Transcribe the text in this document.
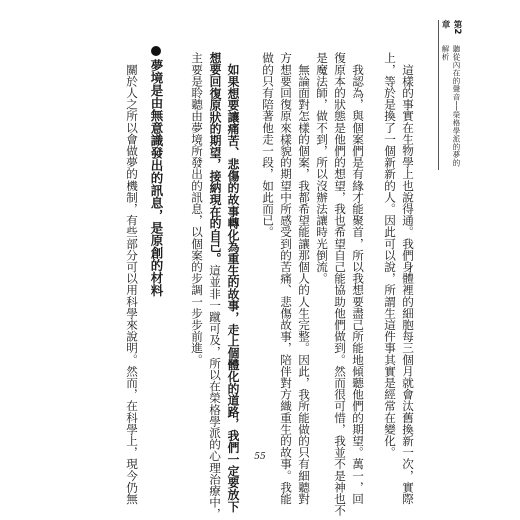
第2章
聽從內在的聲音──榮格學派的夢的解析
　這樣的事實在生物學上也說得通。我們身體裡的細胞每三個月就會汰舊換新一次，實際
上，等於是換了一個新新的人。因此可以說，所謂生這件事其實是經常在變化。
　我認為，與個案們是有緣才能聚首，所以我想要盡己所能地傾聽他們的期望。萬一，回
復原本的狀態是他們的想望，我也希望自己能協助他們做到。然而很可惜，我並不是神也不
是魔法師，做不到，所以沒辦法讓時光倒流。
　無論面對怎樣的個案，我都希望能讓那個人的人生完整。因此，我所能做的只有細聽對
方想要回復原來樣貌的期望中所感受到的苦痛、悲傷故事，陪伴對方織重生的故事。我能
做的只有陪著他走一段，如此而已。
　如果想要讓痛苦、悲傷的故事轉化為重生的故事，走上個體化的道路，我們一定要放下
想要回復原狀的期望，接納現在的自己。這並非一蹴可及，所以在榮格學派的心理治療中，
主要是聆聽由夢境所發出的訊息，以個案的步調一步步前進。
夢境是由無意識發出的訊息，是原創的材料
　關於人之所以會做夢的機制，有些部分可以用科學來說明。然而，在科學上，現今仍無	55
